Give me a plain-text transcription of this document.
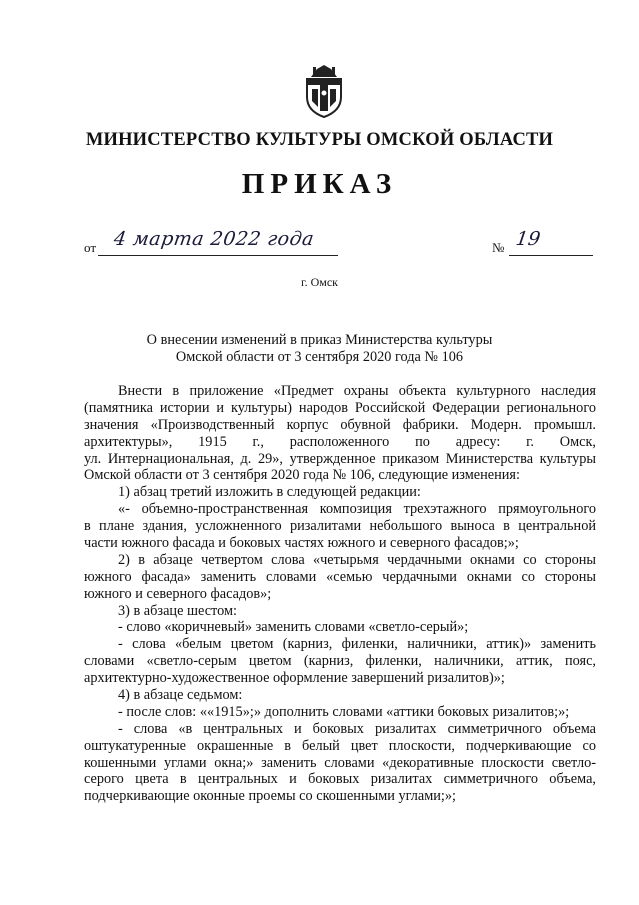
МИНИСТЕРСТВО КУЛЬТУРЫ ОМСКОЙ ОБЛАСТИ
ПРИКАЗ
от 4 марта 2022 года	№ 19
г. Омск
О внесении изменений в приказ Министерства культуры
Омской области от 3 сентября 2020 года № 106
Внести в приложение «Предмет охраны объекта культурного наследия
(памятника истории и культуры) народов Российской Федерации регионального
значения «Производственный корпус обувной фабрики. Модерн. промышл.
архитектуры», 1915 г., расположенного по адресу: г. Омск,
ул. Интернациональная, д. 29», утвержденное приказом Министерства культуры
Омской области от 3 сентября 2020 года № 106, следующие изменения:
1) абзац третий изложить в следующей редакции:
«- объемно-пространственная композиция трехэтажного прямоугольного
в плане здания, усложненного ризалитами небольшого выноса в центральной
части южного фасада и боковых частях южного и северного фасадов;»;
2) в абзаце четвертом слова «четырьмя чердачными окнами со стороны
южного фасада» заменить словами «семью чердачными окнами со стороны
южного и северного фасадов»;
3) в абзаце шестом:
- слово «коричневый» заменить словами «светло-серый»;
- слова «белым цветом (карниз, филенки, наличники, аттик)» заменить
словами «светло-серым цветом (карниз, филенки, наличники, аттик, пояс,
архитектурно-художественное оформление завершений ризалитов)»;
4) в абзаце седьмом:
- после слов: ««1915»;» дополнить словами «аттики боковых ризалитов;»;
- слова «в центральных и боковых ризалитах симметричного объема
оштукатуренные окрашенные в белый цвет плоскости, подчеркивающие со
кошенными углами окна;» заменить словами «декоративные плоскости светло-
серого цвета в центральных и боковых ризалитах симметричного объема,
подчеркивающие оконные проемы со скошенными углами;»;
